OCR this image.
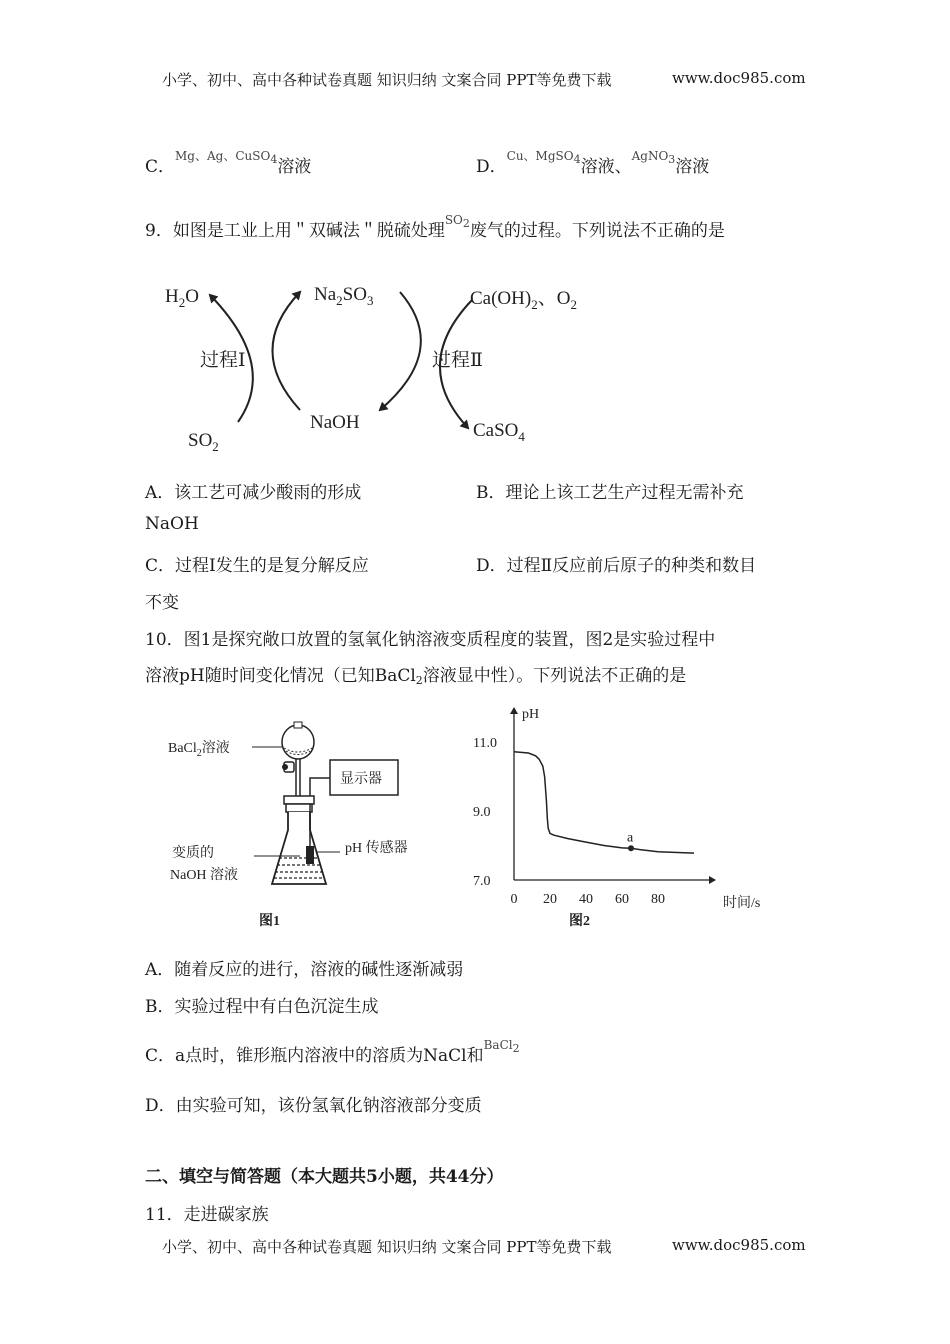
小学、初中、高中各种试卷真题 知识归纳 文案合同 PPT等免费下载	www.doc985.com
C．$^{Mg、Ag、CuSO4}$溶液	D．$^{Cu、MgSO4}$溶液、$^{AgNO3}$溶液
9．如图是工业上用＂双碱法＂脱硫处理$^{SO2}$废气的过程。下列说法不正确的是
$H_2O$	$Na_2SO_3$	$Ca(OH)_2$、$O_2$
过程Ⅰ	过程Ⅱ
$SO_2$
NaOH	CaSO$_4$
A．该工艺可减少酸雨的形成	B．理论上该工艺生产过程无需补充
NaOH
C．过程Ⅰ发生的是复分解反应	D．过程Ⅱ反应前后原子的种类和数目
不变
10．图1是探究敞口放置的氢氧化钠溶液变质程度的装置，图2是实验过程中
溶液pH随时间变化情况（已知BaCl$_2$溶液显中性）。下列说法不正确的是
BaCl$_2$溶液
显示器
pH 传感器
变质的
NaOH 溶液
图1
pH
时间/s
7.0
9.0
11.0
0 20 40 60 80
a
图2
A．随着反应的进行，溶液的碱性逐渐减弱
B．实验过程中有白色沉淀生成
C．a点时，锥形瓶内溶液中的溶质为NaCl和$^{BaCl2}$
D．由实验可知，该份氢氧化钠溶液部分变质
二、填空与简答题（本大题共5小题，共44分）
11．走进碳家族
小学、初中、高中各种试卷真题 知识归纳 文案合同 PPT等免费下载	www.doc985.com
